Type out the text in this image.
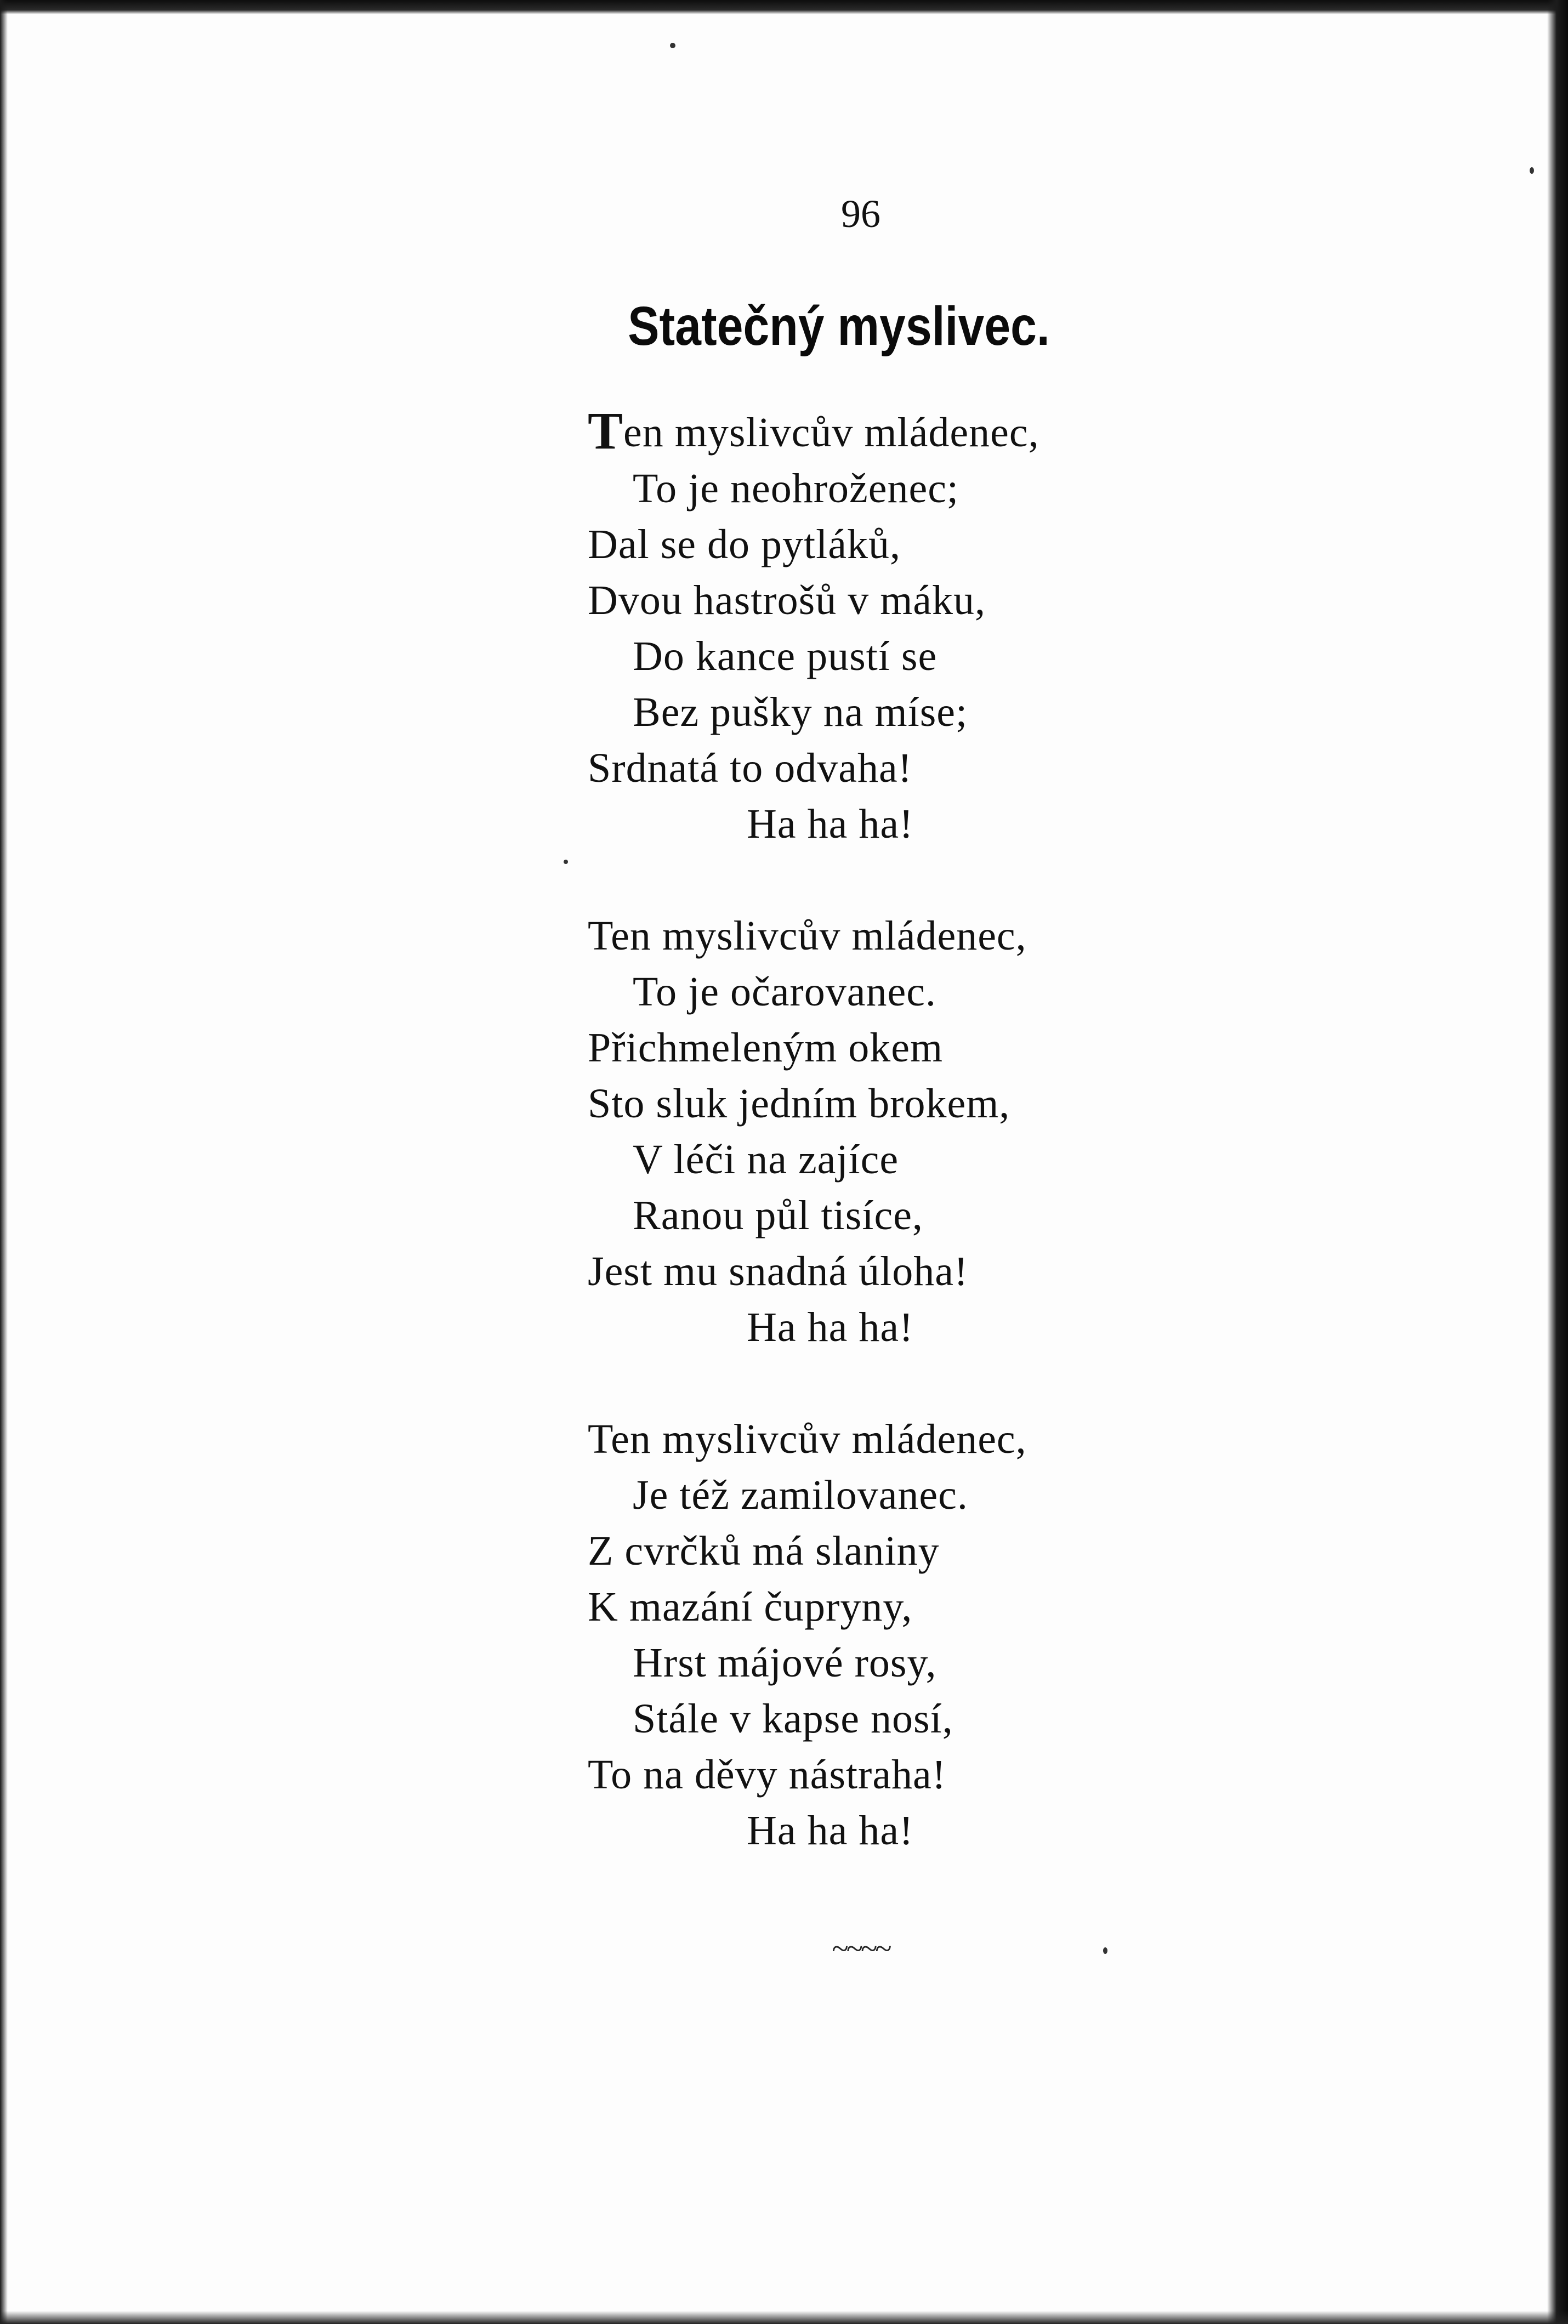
96
Statečný myslivec.
Ten myslivcův mládenec,
To je neohroženec;
Dal se do pytláků,
Dvou hastrošů v máku,
Do kance pustí se
Bez pušky na míse;
Srdnatá to odvaha!
Ha ha ha!
Ten myslivcův mládenec,
To je očarovanec.
Přichmeleným okem
Sto sluk jedním brokem,
V léči na zajíce
Ranou půl tisíce,
Jest mu snadná úloha!
Ha ha ha!
Ten myslivcův mládenec,
Je též zamilovanec.
Z cvrčků má slaniny
K mazání čupryny,
Hrst májové rosy,
Stále v kapse nosí,
To na děvy nástraha!
Ha ha ha!
~~~~
